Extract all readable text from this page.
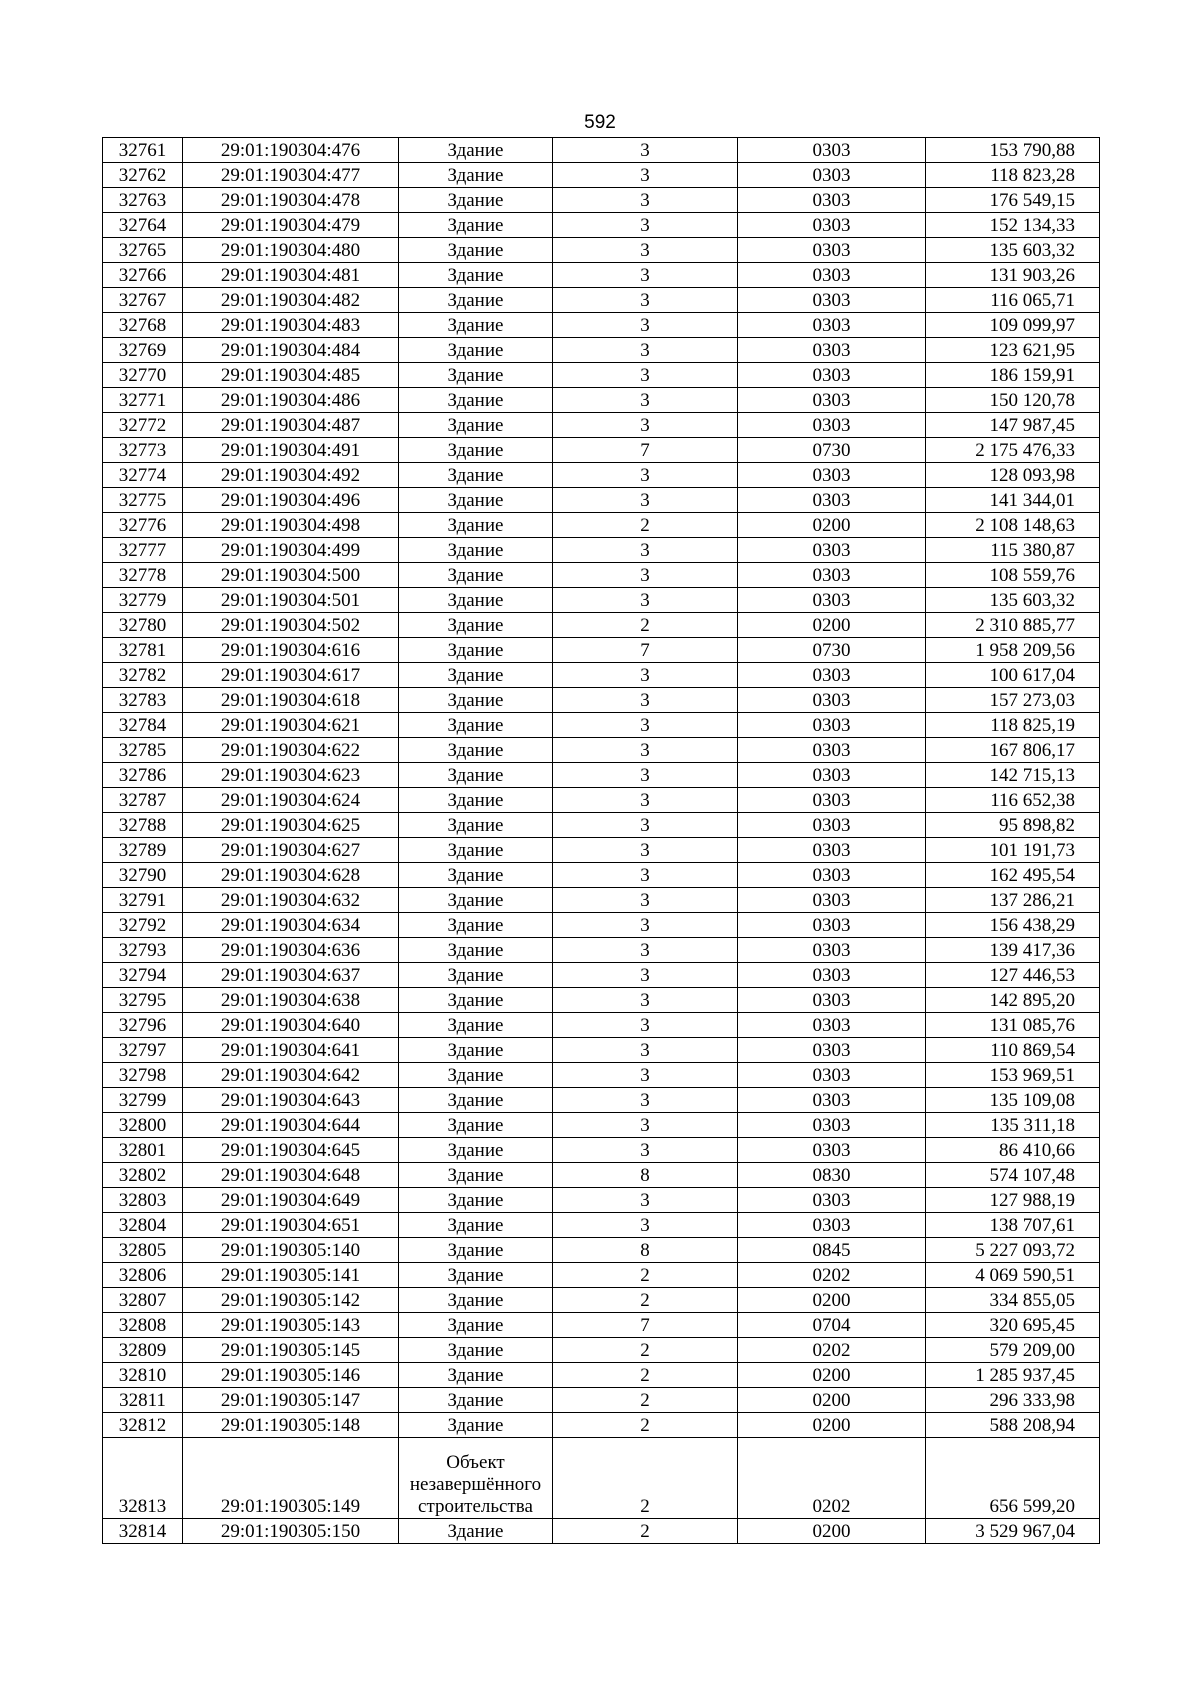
592
32761	29:01:190304:476	Здание	3	0303	153 790,88
32762	29:01:190304:477	Здание	3	0303	118 823,28
32763	29:01:190304:478	Здание	3	0303	176 549,15
32764	29:01:190304:479	Здание	3	0303	152 134,33
32765	29:01:190304:480	Здание	3	0303	135 603,32
32766	29:01:190304:481	Здание	3	0303	131 903,26
32767	29:01:190304:482	Здание	3	0303	116 065,71
32768	29:01:190304:483	Здание	3	0303	109 099,97
32769	29:01:190304:484	Здание	3	0303	123 621,95
32770	29:01:190304:485	Здание	3	0303	186 159,91
32771	29:01:190304:486	Здание	3	0303	150 120,78
32772	29:01:190304:487	Здание	3	0303	147 987,45
32773	29:01:190304:491	Здание	7	0730	2 175 476,33
32774	29:01:190304:492	Здание	3	0303	128 093,98
32775	29:01:190304:496	Здание	3	0303	141 344,01
32776	29:01:190304:498	Здание	2	0200	2 108 148,63
32777	29:01:190304:499	Здание	3	0303	115 380,87
32778	29:01:190304:500	Здание	3	0303	108 559,76
32779	29:01:190304:501	Здание	3	0303	135 603,32
32780	29:01:190304:502	Здание	2	0200	2 310 885,77
32781	29:01:190304:616	Здание	7	0730	1 958 209,56
32782	29:01:190304:617	Здание	3	0303	100 617,04
32783	29:01:190304:618	Здание	3	0303	157 273,03
32784	29:01:190304:621	Здание	3	0303	118 825,19
32785	29:01:190304:622	Здание	3	0303	167 806,17
32786	29:01:190304:623	Здание	3	0303	142 715,13
32787	29:01:190304:624	Здание	3	0303	116 652,38
32788	29:01:190304:625	Здание	3	0303	95 898,82
32789	29:01:190304:627	Здание	3	0303	101 191,73
32790	29:01:190304:628	Здание	3	0303	162 495,54
32791	29:01:190304:632	Здание	3	0303	137 286,21
32792	29:01:190304:634	Здание	3	0303	156 438,29
32793	29:01:190304:636	Здание	3	0303	139 417,36
32794	29:01:190304:637	Здание	3	0303	127 446,53
32795	29:01:190304:638	Здание	3	0303	142 895,20
32796	29:01:190304:640	Здание	3	0303	131 085,76
32797	29:01:190304:641	Здание	3	0303	110 869,54
32798	29:01:190304:642	Здание	3	0303	153 969,51
32799	29:01:190304:643	Здание	3	0303	135 109,08
32800	29:01:190304:644	Здание	3	0303	135 311,18
32801	29:01:190304:645	Здание	3	0303	86 410,66
32802	29:01:190304:648	Здание	8	0830	574 107,48
32803	29:01:190304:649	Здание	3	0303	127 988,19
32804	29:01:190304:651	Здание	3	0303	138 707,61
32805	29:01:190305:140	Здание	8	0845	5 227 093,72
32806	29:01:190305:141	Здание	2	0202	4 069 590,51
32807	29:01:190305:142	Здание	2	0200	334 855,05
32808	29:01:190305:143	Здание	7	0704	320 695,45
32809	29:01:190305:145	Здание	2	0202	579 209,00
32810	29:01:190305:146	Здание	2	0200	1 285 937,45
32811	29:01:190305:147	Здание	2	0200	296 333,98
32812	29:01:190305:148	Здание	2	0200	588 208,94
32813	29:01:190305:149	Объект незавершённого строительства	2	0202	656 599,20
32814	29:01:190305:150	Здание	2	0200	3 529 967,04
